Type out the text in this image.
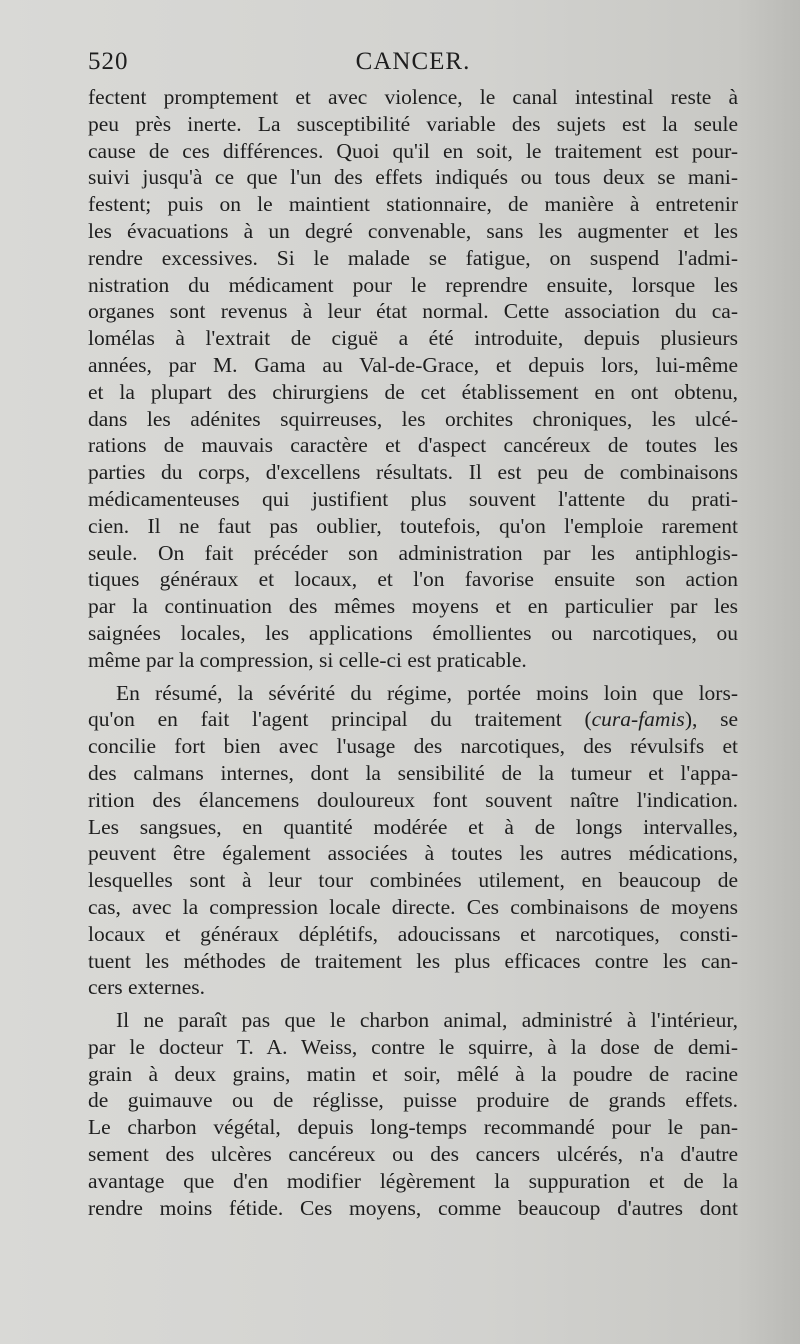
520	CANCER.
fectent promptement et avec violence, le canal intestinal reste à
peu près inerte. La susceptibilité variable des sujets est la seule
cause de ces différences. Quoi qu'il en soit, le traitement est pour-
suivi jusqu'à ce que l'un des effets indiqués ou tous deux se mani-
festent; puis on le maintient stationnaire, de manière à entretenir
les évacuations à un degré convenable, sans les augmenter et les
rendre excessives. Si le malade se fatigue, on suspend l'admi-
nistration du médicament pour le reprendre ensuite, lorsque les
organes sont revenus à leur état normal. Cette association du ca-
lomélas à l'extrait de ciguë a été introduite, depuis plusieurs
années, par M. Gama au Val-de-Grace, et depuis lors, lui-même
et la plupart des chirurgiens de cet établissement en ont obtenu,
dans les adénites squirreuses, les orchites chroniques, les ulcé-
rations de mauvais caractère et d'aspect cancéreux de toutes les
parties du corps, d'excellens résultats. Il est peu de combinaisons
médicamenteuses qui justifient plus souvent l'attente du prati-
cien. Il ne faut pas oublier, toutefois, qu'on l'emploie rarement
seule. On fait précéder son administration par les antiphlogis-
tiques généraux et locaux, et l'on favorise ensuite son action
par la continuation des mêmes moyens et en particulier par les
saignées locales, les applications émollientes ou narcotiques, ou
même par la compression, si celle-ci est praticable.
En résumé, la sévérité du régime, portée moins loin que lors-
qu'on en fait l'agent principal du traitement (cura-famis), se
concilie fort bien avec l'usage des narcotiques, des révulsifs et
des calmans internes, dont la sensibilité de la tumeur et l'appa-
rition des élancemens douloureux font souvent naître l'indication.
Les sangsues, en quantité modérée et à de longs intervalles,
peuvent être également associées à toutes les autres médications,
lesquelles sont à leur tour combinées utilement, en beaucoup de
cas, avec la compression locale directe. Ces combinaisons de moyens
locaux et généraux déplétifs, adoucissans et narcotiques, consti-
tuent les méthodes de traitement les plus efficaces contre les can-
cers externes.
Il ne paraît pas que le charbon animal, administré à l'intérieur,
par le docteur T. A. Weiss, contre le squirre, à la dose de demi-
grain à deux grains, matin et soir, mêlé à la poudre de racine
de guimauve ou de réglisse, puisse produire de grands effets.
Le charbon végétal, depuis long-temps recommandé pour le pan-
sement des ulcères cancéreux ou des cancers ulcérés, n'a d'autre
avantage que d'en modifier légèrement la suppuration et de la
rendre moins fétide. Ces moyens, comme beaucoup d'autres dont
